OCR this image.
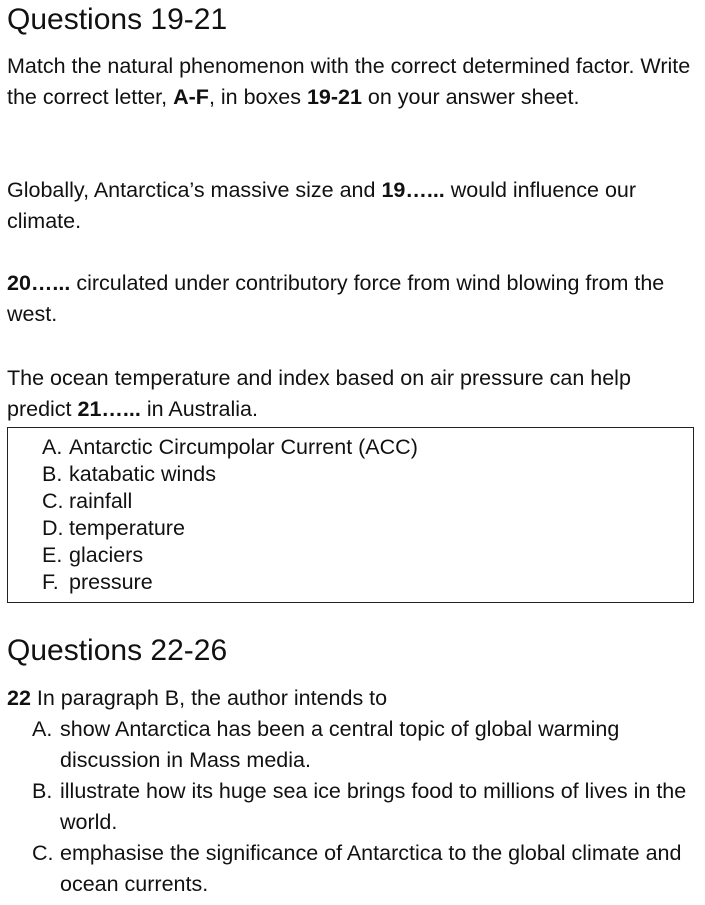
Questions 19-21

Match the natural phenomenon with the correct determined factor. Write the correct letter, A-F, in boxes 19-21 on your answer sheet.

Globally, Antarctica’s massive size and 19…... would influence our climate.

20…... circulated under contributory force from wind blowing from the west.

The ocean temperature and index based on air pressure can help predict 21…... in Australia.

A. Antarctic Circumpolar Current (ACC)
B. katabatic winds
C. rainfall
D. temperature
E. glaciers
F. pressure
Questions 22-26
22 In paragraph B, the author intends to
A. show Antarctica has been a central topic of global warming discussion in Mass media.
B. illustrate how its huge sea ice brings food to millions of lives in the world.
C. emphasise the significance of Antarctica to the global climate and ocean currents.
